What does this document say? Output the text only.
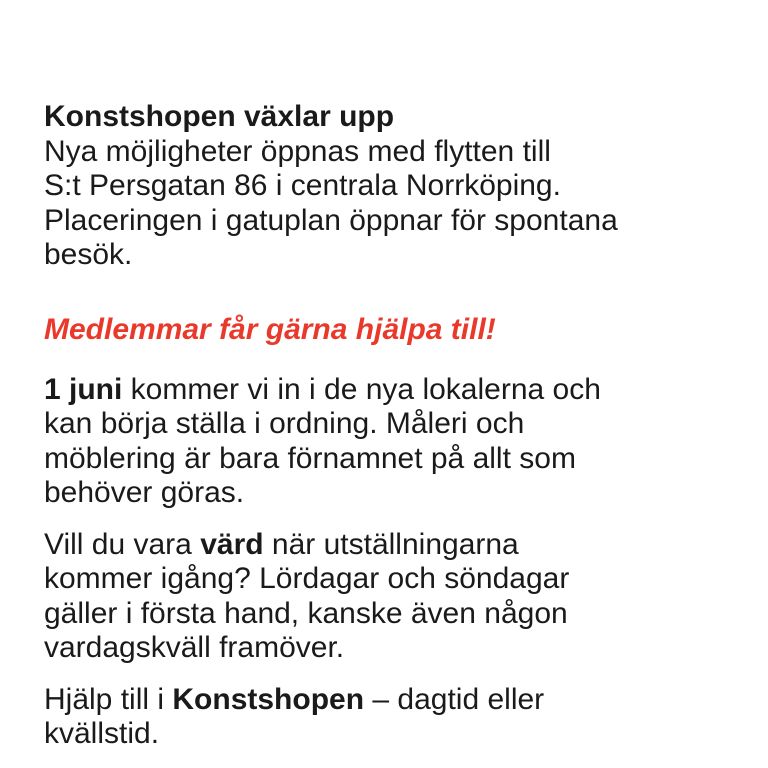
Konstshopen växlar upp
Nya möjligheter öppnas med flytten till
S:t Persgatan 86 i centrala Norrköping.
Placeringen i gatuplan öppnar för spontana
besök.

Medlemmar får gärna hjälpa till!

1 juni kommer vi in i de nya lokalerna och
kan börja ställa i ordning. Måleri och
möblering är bara förnamnet på allt som
behöver göras.

Vill du vara värd när utställningarna
kommer igång? Lördagar och söndagar
gäller i första hand, kanske även någon
vardagskväll framöver.

Hjälp till i Konstshopen – dagtid eller
kvällstid.
